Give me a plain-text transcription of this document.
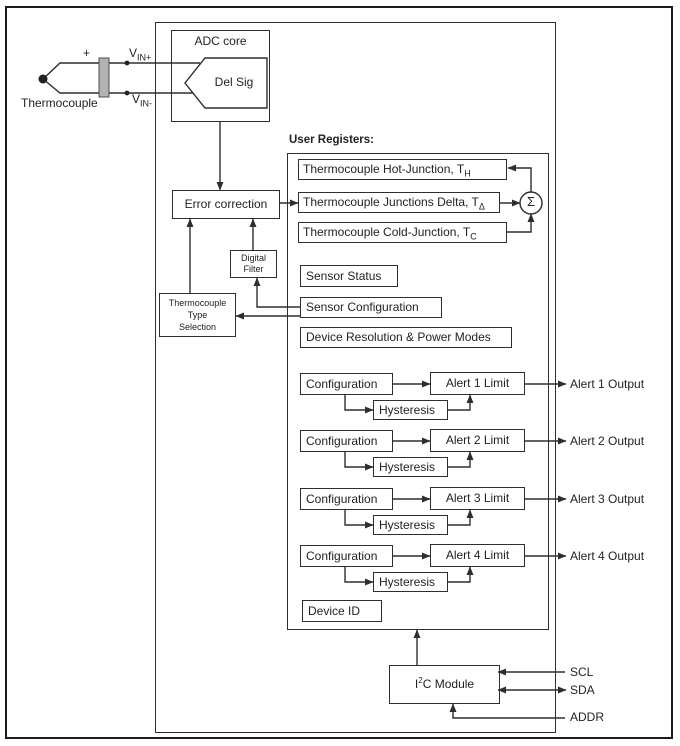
Thermocouple
+	$V_{IN+}$
$V_{IN-}$
ADC core
Del Sig
Error correction
Digital
Filter
Thermocouple
Type
Selection
User Registers:
Thermocouple Hot-Junction, $T_H$
Thermocouple Junctions Delta, $T_\Delta$
Thermocouple Cold-Junction, $T_C$
Σ
Sensor Status
Sensor Configuration
Device Resolution & Power Modes
Configuration	Alert 1 Limit
Hysteresis
Alert 1 Output
Configuration	Alert 2 Limit
Hysteresis
Alert 2 Output
Configuration	Alert 3 Limit
Hysteresis
Alert 3 Output
Configuration	Alert 4 Limit
Hysteresis
Alert 4 Output
Device ID
$I^2C$ Module
SCL
SDA
ADDR
